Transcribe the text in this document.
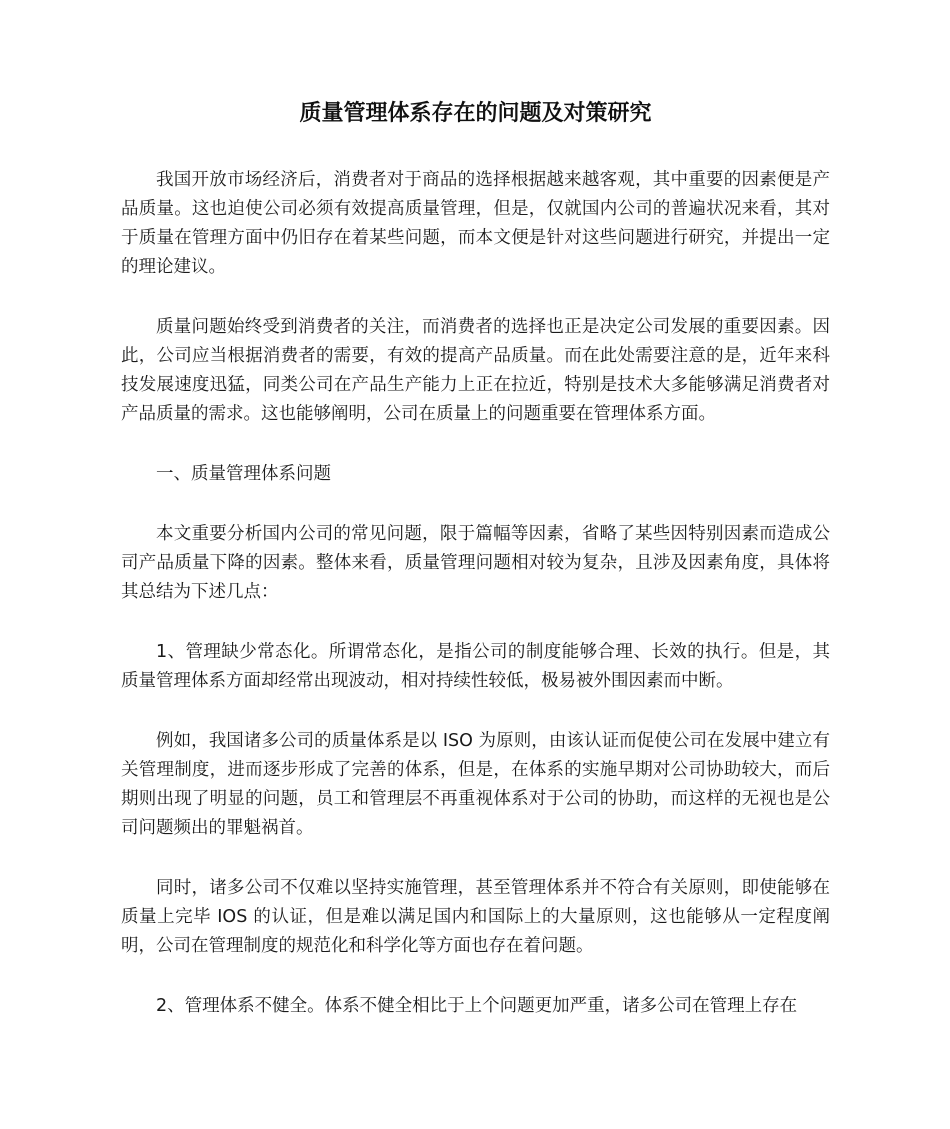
质量管理体系存在的问题及对策研究

我国开放市场经济后，消费者对于商品的选择根据越来越客观，其中重要的因素便是产品质量。这也迫使公司必须有效提高质量管理，但是，仅就国内公司的普遍状况来看，其对于质量在管理方面中仍旧存在着某些问题，而本文便是针对这些问题进行研究，并提出一定的理论建议。

质量问题始终受到消费者的关注，而消费者的选择也正是决定公司发展的重要因素。因此，公司应当根据消费者的需要，有效的提高产品质量。而在此处需要注意的是，近年来科技发展速度迅猛，同类公司在产品生产能力上正在拉近，特别是技术大多能够满足消费者对产品质量的需求。这也能够阐明，公司在质量上的问题重要在管理体系方面。

一、质量管理体系问题

本文重要分析国内公司的常见问题，限于篇幅等因素，省略了某些因特别因素而造成公司产品质量下降的因素。整体来看，质量管理问题相对较为复杂，且涉及因素角度，具体将其总结为下述几点：

1、管理缺少常态化。所谓常态化，是指公司的制度能够合理、长效的执行。但是，其质量管理体系方面却经常出现波动，相对持续性较低，极易被外围因素而中断。

例如，我国诸多公司的质量体系是以 ISO 为原则，由该认证而促使公司在发展中建立有关管理制度，进而逐步形成了完善的体系，但是，在体系的实施早期对公司协助较大，而后期则出现了明显的问题，员工和管理层不再重视体系对于公司的协助，而这样的无视也是公司问题频出的罪魁祸首。

同时，诸多公司不仅难以坚持实施管理，甚至管理体系并不符合有关原则，即使能够在质量上完毕 IOS 的认证，但是难以满足国内和国际上的大量原则，这也能够从一定程度阐明，公司在管理制度的规范化和科学化等方面也存在着问题。

2、管理体系不健全。体系不健全相比于上个问题更加严重，诸多公司在管理上存在
